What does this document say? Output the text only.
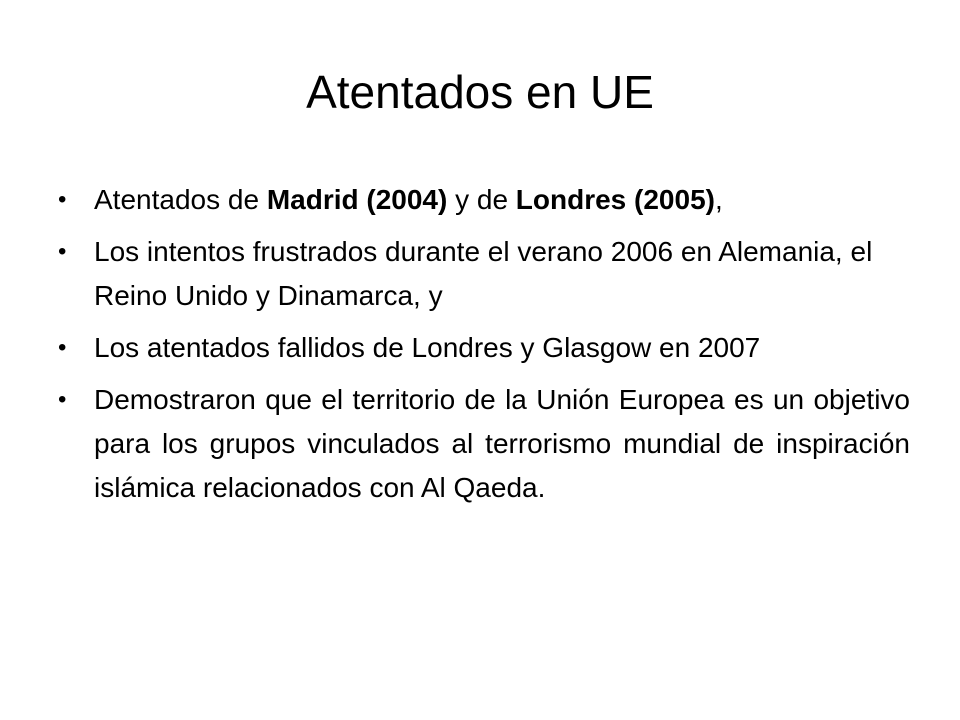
Atentados en UE
• Atentados de Madrid (2004) y de Londres (2005),
• Los intentos frustrados durante el verano 2006 en Alemania, el Reino Unido y Dinamarca, y
• Los atentados fallidos de Londres y Glasgow en 2007
• Demostraron que el territorio de la Unión Europea es un objetivo para los grupos vinculados al terrorismo mundial de inspiración islámica relacionados con Al Qaeda.
